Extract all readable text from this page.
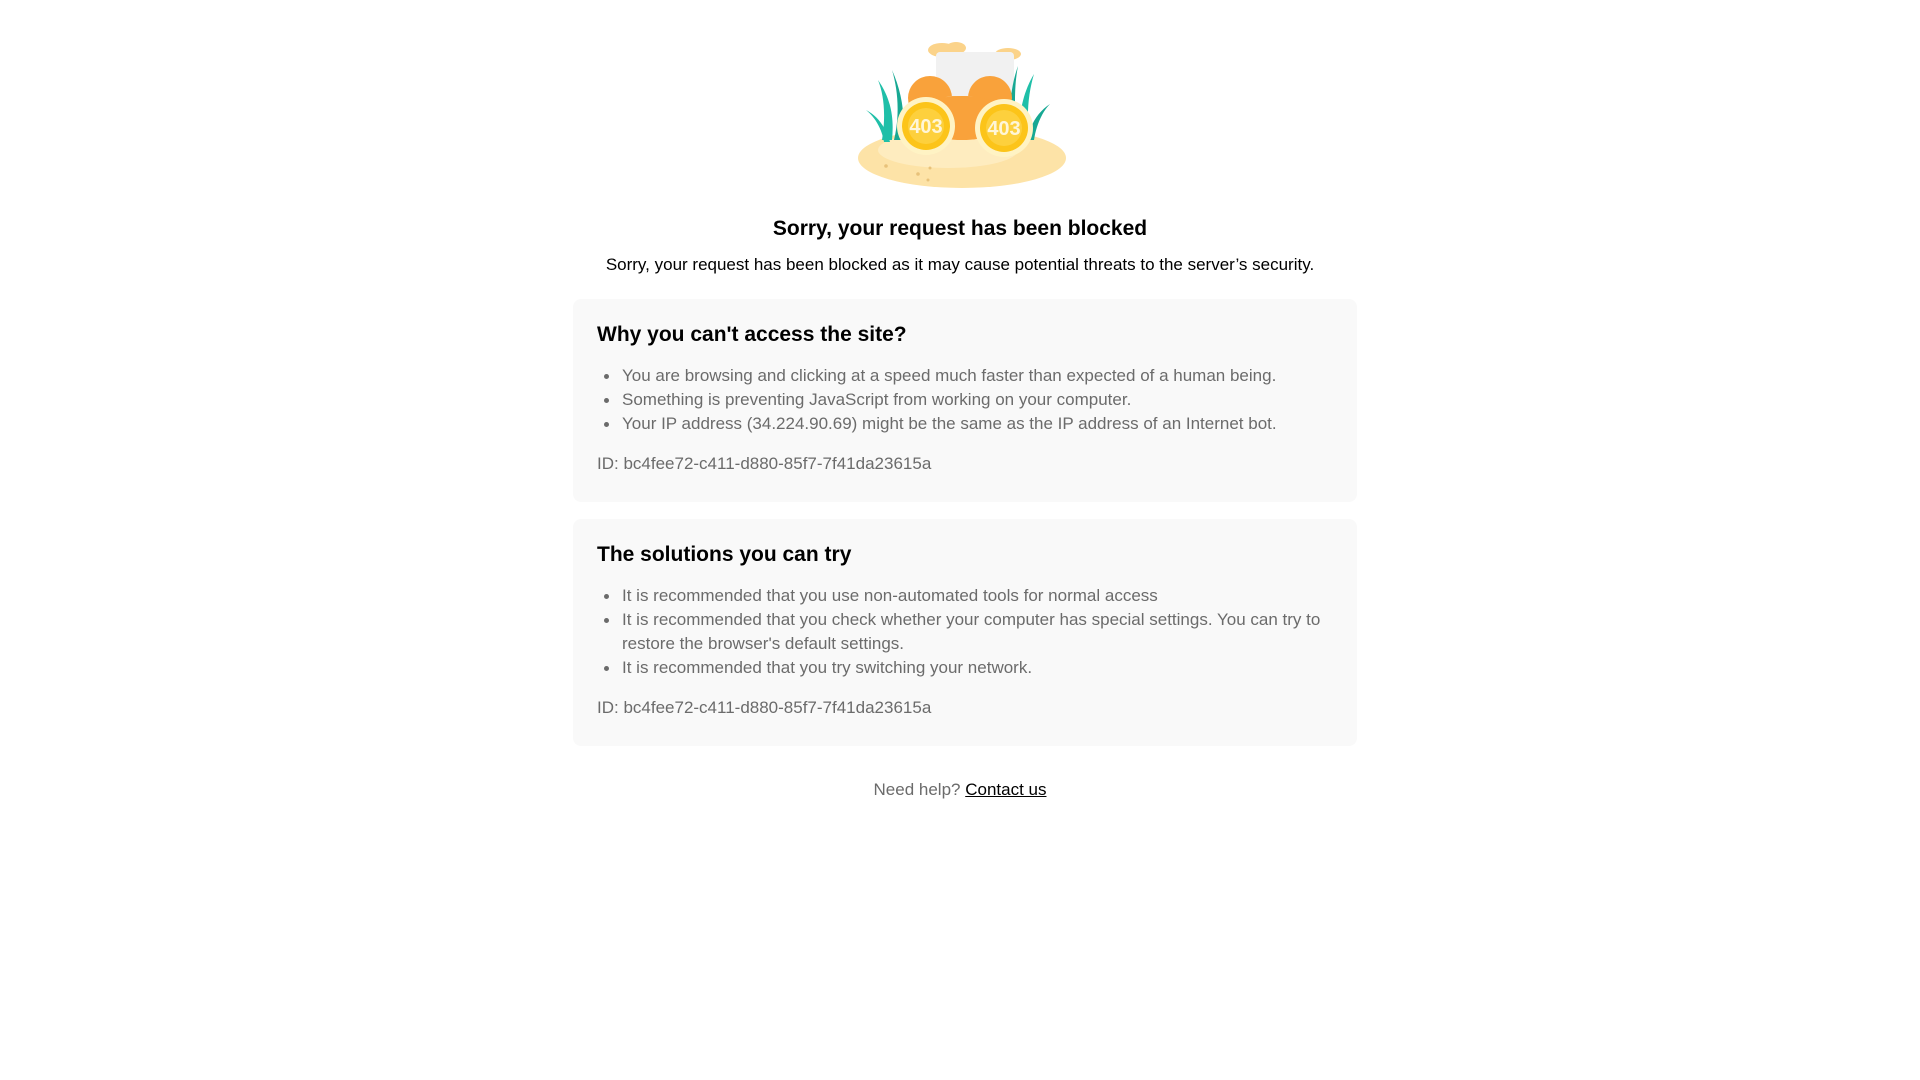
403 403
Sorry, your request has been blocked
Sorry, your request has been blocked as it may cause potential threats to the server’s security.
Why you can't access the site?
You are browsing and clicking at a speed much faster than expected of a human being.
Something is preventing JavaScript from working on your computer.
Your IP address (34.224.90.69) might be the same as the IP address of an Internet bot.
ID: bc4fee72-c411-d880-85f7-7f41da23615a
The solutions you can try
It is recommended that you use non-automated tools for normal access
It is recommended that you check whether your computer has special settings. You can try to restore the browser's default settings.
It is recommended that you try switching your network.
ID: bc4fee72-c411-d880-85f7-7f41da23615a
Need help? Contact us
